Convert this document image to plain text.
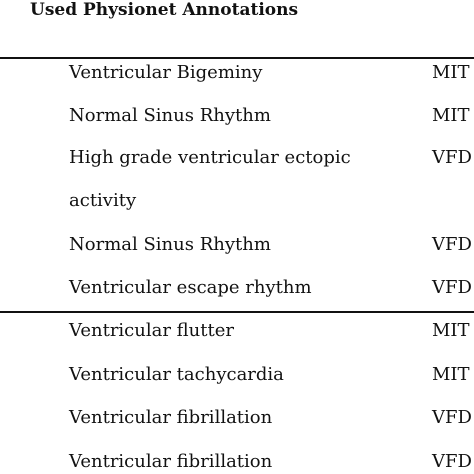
Used Physionet Annotations
Ventricular Bigeminy	MIT
Normal Sinus Rhythm	MIT
High grade ventricular ectopic	VFD
activity
Normal Sinus Rhythm	VFD
Ventricular escape rhythm	VFD
Ventricular flutter	MIT
Ventricular tachycardia	MIT
Ventricular fibrillation	VFD
Ventricular fibrillation	VFD
